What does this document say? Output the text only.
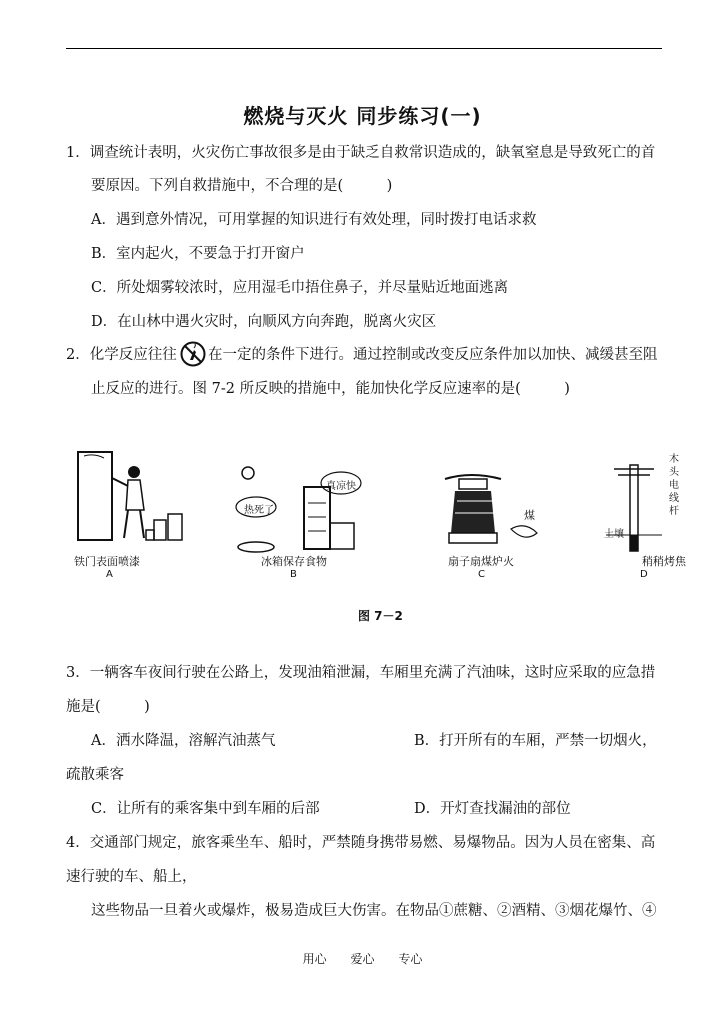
燃烧与灭火 同步练习(一)
1．调查统计表明，火灾伤亡事故很多是由于缺乏自救常识造成的，缺氧窒息是导致死亡的首
要原因。下列自救措施中，不合理的是(　　　)
A．遇到意外情况，可用掌握的知识进行有效处理，同时拨打电话求救
B．室内起火，不要急于打开窗户
C．所处烟雾较浓时，应用湿毛巾捂住鼻子，并尽量贴近地面逃离
D．在山林中遇火灾时，向顺风方向奔跑，脱离火灾区
2．化学反应往往 在一定的条件下进行。通过控制或改变反应条件加以加快、减缓甚至阻
止反应的进行。图 7-2 所反映的措施中，能加快化学反应速率的是(　　　)
铁门表面喷漆
A
热死了
真凉快
冰箱保存食物
B
煤
扇子扇煤炉火
C
木头电线杆
土壤
稍稍烤焦
D
图 7－2
3．一辆客车夜间行驶在公路上，发现油箱泄漏，车厢里充满了汽油味，这时应采取的应急措
施是(　　　)
A．洒水降温，溶解汽油蒸气	B．打开所有的车厢，严禁一切烟火，
疏散乘客
C．让所有的乘客集中到车厢的后部	D．开灯查找漏油的部位
4．交通部门规定，旅客乘坐车、船时，严禁随身携带易燃、易爆物品。因为人员在密集、高
速行驶的车、船上，
这些物品一旦着火或爆炸，极易造成巨大伤害。在物品①蔗糖、②酒精、③烟花爆竹、④
用心 爱心 专心
